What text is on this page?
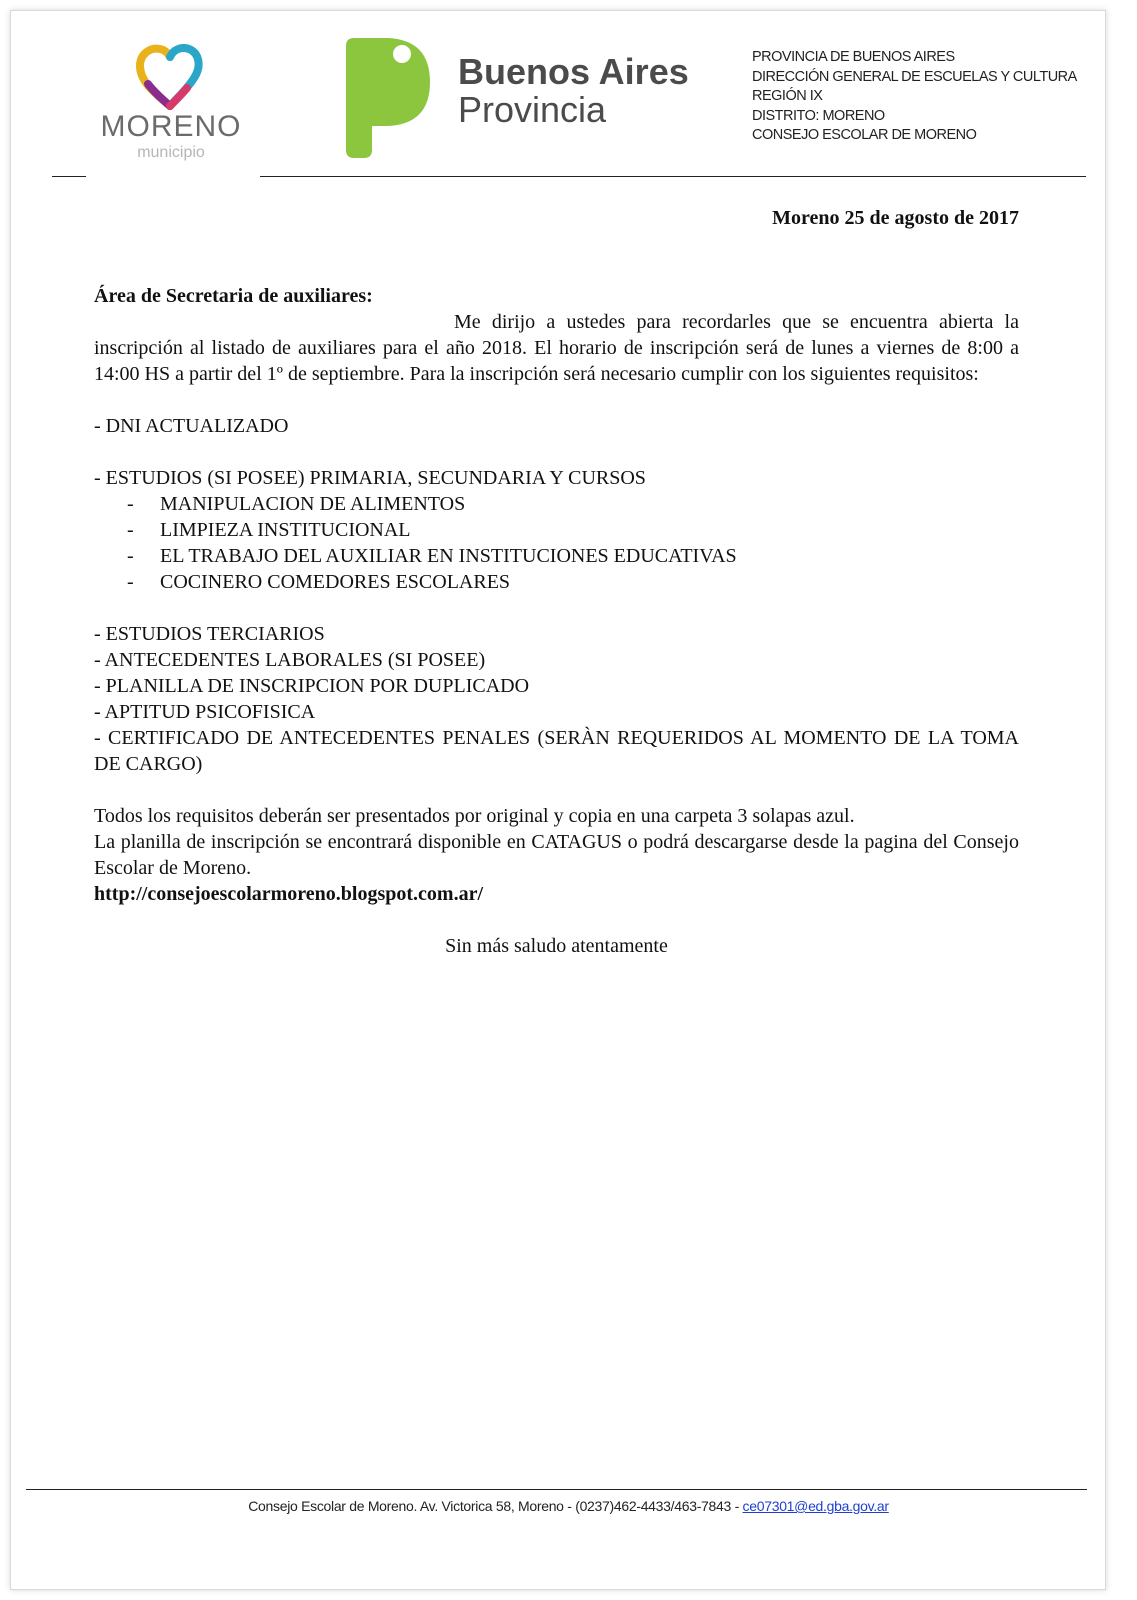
MORENO
municipio
Buenos Aires
Provincia
PROVINCIA DE BUENOS AIRES
DIRECCIÓN GENERAL DE ESCUELAS Y CULTURA
REGIÓN IX
DISTRITO: MORENO
CONSEJO ESCOLAR DE MORENO
Moreno 25 de agosto de 2017

Área de Secretaria de auxiliares:

Me dirijo a ustedes para recordarles que se encuentra abierta la inscripción al listado de auxiliares para el año 2018. El horario de inscripción será de lunes a viernes de 8:00 a 14:00 HS a partir del 1º de septiembre. Para la inscripción será necesario cumplir con los siguientes requisitos:

- DNI ACTUALIZADO

- ESTUDIOS (SI POSEE) PRIMARIA, SECUNDARIA Y CURSOS

- MANIPULACION DE ALIMENTOS
- LIMPIEZA INSTITUCIONAL
- EL TRABAJO DEL AUXILIAR EN INSTITUCIONES EDUCATIVAS
- COCINERO COMEDORES ESCOLARES

- ESTUDIOS TERCIARIOS

- ANTECEDENTES LABORALES (SI POSEE)

- PLANILLA DE INSCRIPCION POR DUPLICADO

- APTITUD PSICOFISICA

- CERTIFICADO DE ANTECEDENTES PENALES (SERÀN REQUERIDOS AL MOMENTO DE LA TOMA DE CARGO)

Todos los requisitos deberán ser presentados por original y copia en una carpeta 3 solapas azul.

La planilla de inscripción se encontrará disponible en CATAGUS o podrá descargarse desde la pagina del Consejo Escolar de Moreno.

http://consejoescolarmoreno.blogspot.com.ar/

Sin más saludo atentamente

Consejo Escolar de Moreno. Av. Victorica 58, Moreno - (0237)462-4433/463-7843 - ce07301@ed.gba.gov.ar
